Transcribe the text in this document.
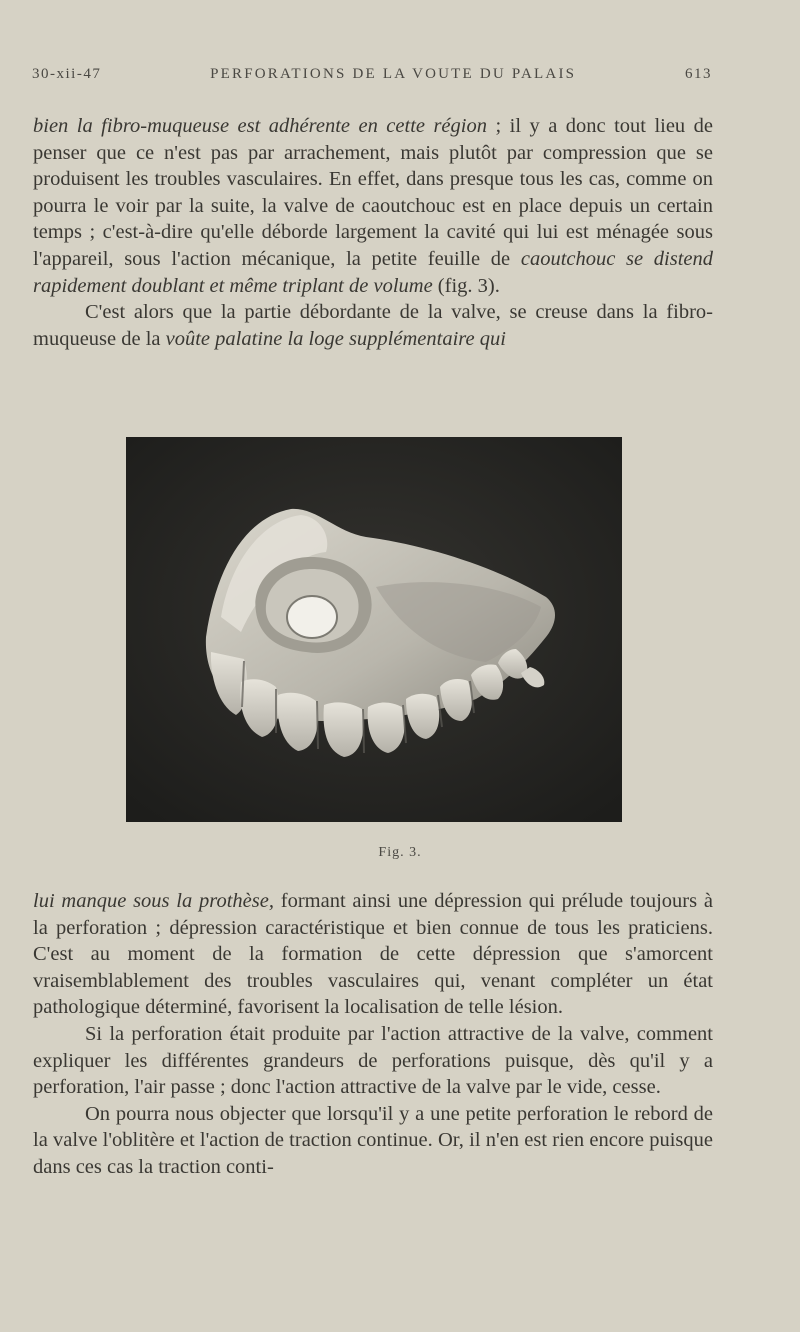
30-xii-47	PERFORATIONS DE LA VOUTE DU PALAIS	613

bien la fibro-muqueuse est adhérente en cette région ; il y a donc tout lieu de penser que ce n'est pas par arrachement, mais plutôt par compression que se produisent les troubles vasculaires. En effet, dans presque tous les cas, comme on pourra le voir par la suite, la valve de caoutchouc est en place depuis un certain temps ; c'est-à-dire qu'elle déborde largement la cavité qui lui est ménagée sous l'appareil, sous l'action mécanique, la petite feuille de caoutchouc se distend rapidement doublant et même triplant de volume (fig. 3).

C'est alors que la partie débordante de la valve, se creuse dans la fibro-muqueuse de la voûte palatine la loge supplémentaire qui

Fig. 3.

lui manque sous la prothèse, formant ainsi une dépression qui prélude toujours à la perforation ; dépression caractéristique et bien connue de tous les praticiens. C'est au moment de la formation de cette dépression que s'amorcent vraisemblablement des troubles vasculaires qui, venant compléter un état pathologique déterminé, favorisent la localisation de telle lésion.

Si la perforation était produite par l'action attractive de la valve, comment expliquer les différentes grandeurs de perforations puisque, dès qu'il y a perforation, l'air passe ; donc l'action attractive de la valve par le vide, cesse.

On pourra nous objecter que lorsqu'il y a une petite perforation le rebord de la valve l'oblitère et l'action de traction continue. Or, il n'en est rien encore puisque dans ces cas la traction conti-
